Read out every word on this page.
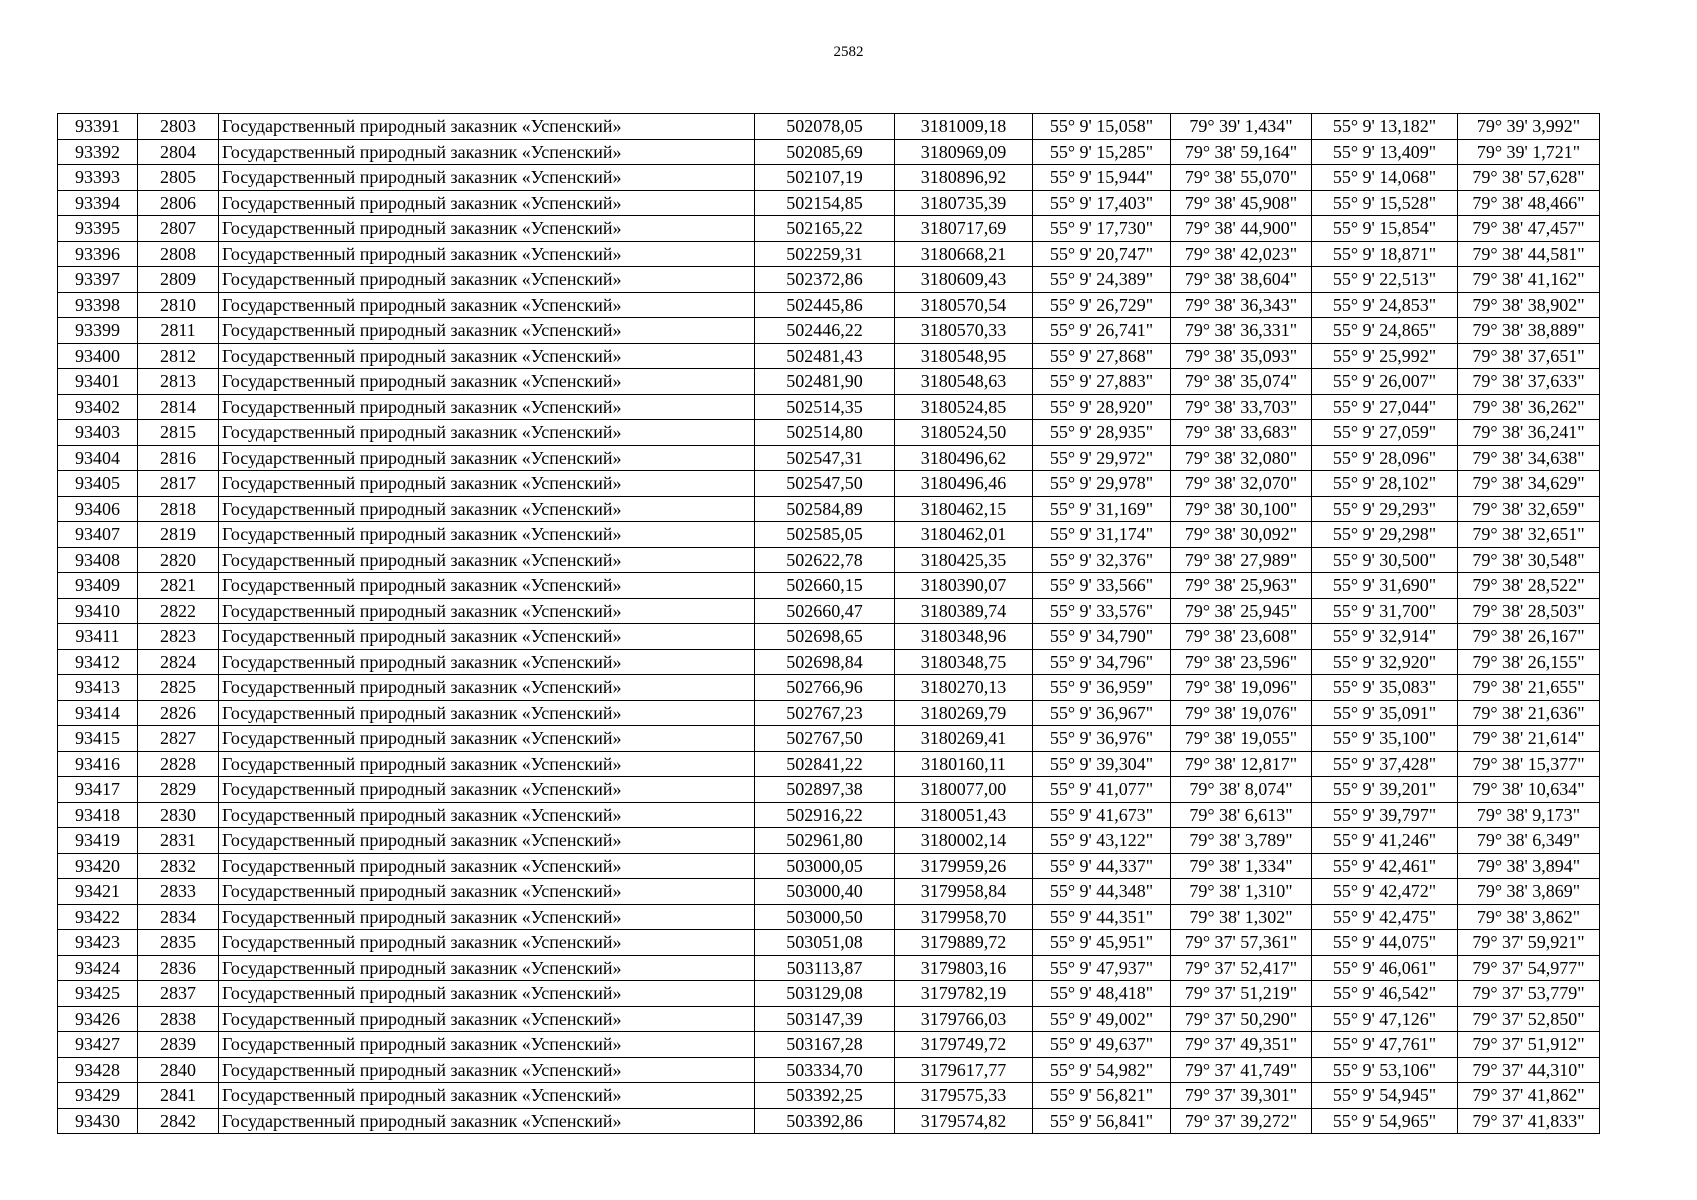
2582
93391	2803	Государственный природный заказник «Успенский»	502078,05	3181009,18	55° 9' 15,058"	79° 39' 1,434"	55° 9' 13,182"	79° 39' 3,992"
93392	2804	Государственный природный заказник «Успенский»	502085,69	3180969,09	55° 9' 15,285"	79° 38' 59,164"	55° 9' 13,409"	79° 39' 1,721"
93393	2805	Государственный природный заказник «Успенский»	502107,19	3180896,92	55° 9' 15,944"	79° 38' 55,070"	55° 9' 14,068"	79° 38' 57,628"
93394	2806	Государственный природный заказник «Успенский»	502154,85	3180735,39	55° 9' 17,403"	79° 38' 45,908"	55° 9' 15,528"	79° 38' 48,466"
93395	2807	Государственный природный заказник «Успенский»	502165,22	3180717,69	55° 9' 17,730"	79° 38' 44,900"	55° 9' 15,854"	79° 38' 47,457"
93396	2808	Государственный природный заказник «Успенский»	502259,31	3180668,21	55° 9' 20,747"	79° 38' 42,023"	55° 9' 18,871"	79° 38' 44,581"
93397	2809	Государственный природный заказник «Успенский»	502372,86	3180609,43	55° 9' 24,389"	79° 38' 38,604"	55° 9' 22,513"	79° 38' 41,162"
93398	2810	Государственный природный заказник «Успенский»	502445,86	3180570,54	55° 9' 26,729"	79° 38' 36,343"	55° 9' 24,853"	79° 38' 38,902"
93399	2811	Государственный природный заказник «Успенский»	502446,22	3180570,33	55° 9' 26,741"	79° 38' 36,331"	55° 9' 24,865"	79° 38' 38,889"
93400	2812	Государственный природный заказник «Успенский»	502481,43	3180548,95	55° 9' 27,868"	79° 38' 35,093"	55° 9' 25,992"	79° 38' 37,651"
93401	2813	Государственный природный заказник «Успенский»	502481,90	3180548,63	55° 9' 27,883"	79° 38' 35,074"	55° 9' 26,007"	79° 38' 37,633"
93402	2814	Государственный природный заказник «Успенский»	502514,35	3180524,85	55° 9' 28,920"	79° 38' 33,703"	55° 9' 27,044"	79° 38' 36,262"
93403	2815	Государственный природный заказник «Успенский»	502514,80	3180524,50	55° 9' 28,935"	79° 38' 33,683"	55° 9' 27,059"	79° 38' 36,241"
93404	2816	Государственный природный заказник «Успенский»	502547,31	3180496,62	55° 9' 29,972"	79° 38' 32,080"	55° 9' 28,096"	79° 38' 34,638"
93405	2817	Государственный природный заказник «Успенский»	502547,50	3180496,46	55° 9' 29,978"	79° 38' 32,070"	55° 9' 28,102"	79° 38' 34,629"
93406	2818	Государственный природный заказник «Успенский»	502584,89	3180462,15	55° 9' 31,169"	79° 38' 30,100"	55° 9' 29,293"	79° 38' 32,659"
93407	2819	Государственный природный заказник «Успенский»	502585,05	3180462,01	55° 9' 31,174"	79° 38' 30,092"	55° 9' 29,298"	79° 38' 32,651"
93408	2820	Государственный природный заказник «Успенский»	502622,78	3180425,35	55° 9' 32,376"	79° 38' 27,989"	55° 9' 30,500"	79° 38' 30,548"
93409	2821	Государственный природный заказник «Успенский»	502660,15	3180390,07	55° 9' 33,566"	79° 38' 25,963"	55° 9' 31,690"	79° 38' 28,522"
93410	2822	Государственный природный заказник «Успенский»	502660,47	3180389,74	55° 9' 33,576"	79° 38' 25,945"	55° 9' 31,700"	79° 38' 28,503"
93411	2823	Государственный природный заказник «Успенский»	502698,65	3180348,96	55° 9' 34,790"	79° 38' 23,608"	55° 9' 32,914"	79° 38' 26,167"
93412	2824	Государственный природный заказник «Успенский»	502698,84	3180348,75	55° 9' 34,796"	79° 38' 23,596"	55° 9' 32,920"	79° 38' 26,155"
93413	2825	Государственный природный заказник «Успенский»	502766,96	3180270,13	55° 9' 36,959"	79° 38' 19,096"	55° 9' 35,083"	79° 38' 21,655"
93414	2826	Государственный природный заказник «Успенский»	502767,23	3180269,79	55° 9' 36,967"	79° 38' 19,076"	55° 9' 35,091"	79° 38' 21,636"
93415	2827	Государственный природный заказник «Успенский»	502767,50	3180269,41	55° 9' 36,976"	79° 38' 19,055"	55° 9' 35,100"	79° 38' 21,614"
93416	2828	Государственный природный заказник «Успенский»	502841,22	3180160,11	55° 9' 39,304"	79° 38' 12,817"	55° 9' 37,428"	79° 38' 15,377"
93417	2829	Государственный природный заказник «Успенский»	502897,38	3180077,00	55° 9' 41,077"	79° 38' 8,074"	55° 9' 39,201"	79° 38' 10,634"
93418	2830	Государственный природный заказник «Успенский»	502916,22	3180051,43	55° 9' 41,673"	79° 38' 6,613"	55° 9' 39,797"	79° 38' 9,173"
93419	2831	Государственный природный заказник «Успенский»	502961,80	3180002,14	55° 9' 43,122"	79° 38' 3,789"	55° 9' 41,246"	79° 38' 6,349"
93420	2832	Государственный природный заказник «Успенский»	503000,05	3179959,26	55° 9' 44,337"	79° 38' 1,334"	55° 9' 42,461"	79° 38' 3,894"
93421	2833	Государственный природный заказник «Успенский»	503000,40	3179958,84	55° 9' 44,348"	79° 38' 1,310"	55° 9' 42,472"	79° 38' 3,869"
93422	2834	Государственный природный заказник «Успенский»	503000,50	3179958,70	55° 9' 44,351"	79° 38' 1,302"	55° 9' 42,475"	79° 38' 3,862"
93423	2835	Государственный природный заказник «Успенский»	503051,08	3179889,72	55° 9' 45,951"	79° 37' 57,361"	55° 9' 44,075"	79° 37' 59,921"
93424	2836	Государственный природный заказник «Успенский»	503113,87	3179803,16	55° 9' 47,937"	79° 37' 52,417"	55° 9' 46,061"	79° 37' 54,977"
93425	2837	Государственный природный заказник «Успенский»	503129,08	3179782,19	55° 9' 48,418"	79° 37' 51,219"	55° 9' 46,542"	79° 37' 53,779"
93426	2838	Государственный природный заказник «Успенский»	503147,39	3179766,03	55° 9' 49,002"	79° 37' 50,290"	55° 9' 47,126"	79° 37' 52,850"
93427	2839	Государственный природный заказник «Успенский»	503167,28	3179749,72	55° 9' 49,637"	79° 37' 49,351"	55° 9' 47,761"	79° 37' 51,912"
93428	2840	Государственный природный заказник «Успенский»	503334,70	3179617,77	55° 9' 54,982"	79° 37' 41,749"	55° 9' 53,106"	79° 37' 44,310"
93429	2841	Государственный природный заказник «Успенский»	503392,25	3179575,33	55° 9' 56,821"	79° 37' 39,301"	55° 9' 54,945"	79° 37' 41,862"
93430	2842	Государственный природный заказник «Успенский»	503392,86	3179574,82	55° 9' 56,841"	79° 37' 39,272"	55° 9' 54,965"	79° 37' 41,833"
